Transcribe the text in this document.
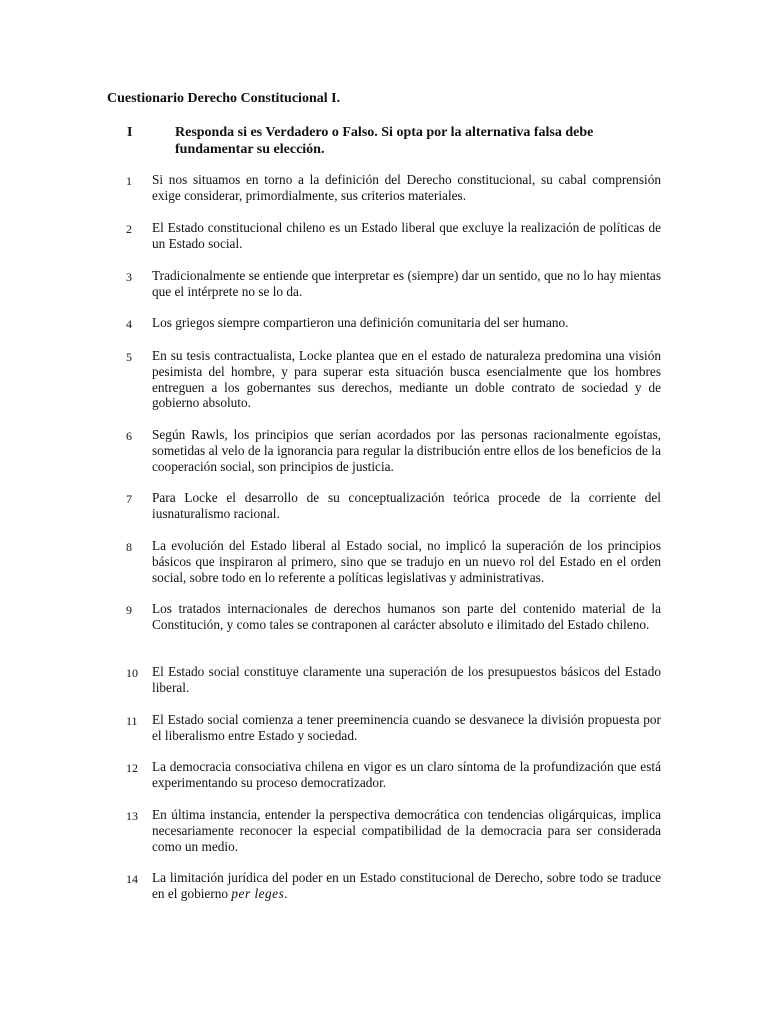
Cuestionario Derecho Constitucional I.
I	Responda si es Verdadero o Falso. Si opta por la alternativa falsa debe fundamentar su elección.
1	Si nos situamos en torno a la definición del Derecho constitucional, su cabal comprensión exige considerar, primordialmente, sus criterios materiales.

2	El Estado constitucional chileno es un Estado liberal que excluye la realización de políticas de un Estado social.

3	Tradicionalmente se entiende que interpretar es (siempre) dar un sentido, que no lo hay mientas que el intérprete no se lo da.

4	Los griegos siempre compartieron una definición comunitaria del ser humano.

5	En su tesis contractualista, Locke plantea que en el estado de naturaleza predomina una visión pesimista del hombre, y para superar esta situación busca esencialmente que los hombres entreguen a los gobernantes sus derechos, mediante un doble contrato de sociedad y de gobierno absoluto.

6	Según Rawls, los principios que serían acordados por las personas racionalmente egoístas, sometidas al velo de la ignorancia para regular la distribución entre ellos de los beneficios de la cooperación social, son principios de justicia.

7	Para Locke el desarrollo de su conceptualización teórica procede de la corriente del iusnaturalismo racional.

8	La evolución del Estado liberal al Estado social, no implicó la superación de los principios básicos que inspiraron al primero, sino que se tradujo en un nuevo rol del Estado en el orden social, sobre todo en lo referente a políticas legislativas y administrativas.

9	Los tratados internacionales de derechos humanos son parte del contenido material de la Constitución, y como tales se contraponen al carácter absoluto e ilimitado del Estado chileno.

10	El Estado social constituye claramente una superación de los presupuestos básicos del Estado liberal.

11	El Estado social comienza a tener preeminencia cuando se desvanece la división propuesta por el liberalismo entre Estado y sociedad.

12	La democracia consociativa chilena en vigor es un claro síntoma de la profundización que está experimentando su proceso democratizador.

13	En última instancia, entender la perspectiva democrática con tendencias oligárquicas, implica necesariamente reconocer la especial compatibilidad de la democracia para ser considerada como un medio.

14	La limitación jurídica del poder en un Estado constitucional de Derecho, sobre todo se traduce en el gobierno per leges.
